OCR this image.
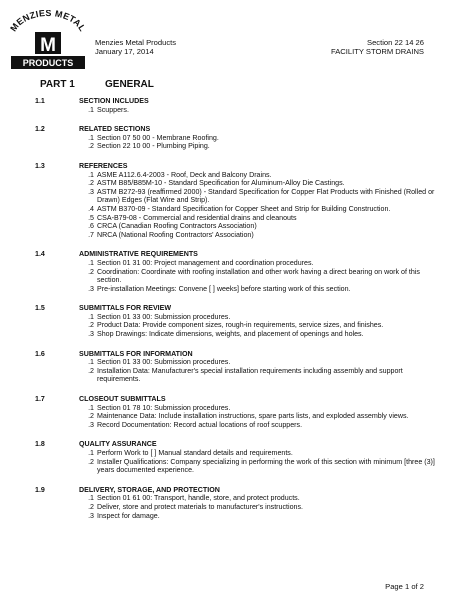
MENZIES METAL
M
PRODUCTS
Menzies Metal Products
January 17, 2014
Section 22 14 26
FACILITY STORM DRAINS
PART 1	GENERAL
1.1	SECTION INCLUDES
.1 Scuppers.
1.2	RELATED SECTIONS
.1 Section 07 50 00 - Membrane Roofing.
.2 Section 22 10 00 - Plumbing Piping.
1.3	REFERENCES
.1 ASME A112.6.4-2003 - Roof, Deck and Balcony Drains.
.2 ASTM B85/B85M-10 - Standard Specification for Aluminum-Alloy Die Castings.
.3 ASTM B272-93 (reaffirmed 2000) - Standard Specification for Copper Flat Products with Finished (Rolled or Drawn) Edges (Flat Wire and Strip).
.4 ASTM B370-09 - Standard Specification for Copper Sheet and Strip for Building Construction.
.5 CSA-B79-08 - Commercial and residential drains and cleanouts
.6 CRCA (Canadian Roofing Contractors Association)
.7 NRCA (National Roofing Contractors' Association)
1.4	ADMINISTRATIVE REQUIREMENTS
.1 Section 01 31 00: Project management and coordination procedures.
.2 Coordination: Coordinate with roofing installation and other work having a direct bearing on work of this section.
.3 Pre-installation Meetings: Convene [ ] weeks] before starting work of this section.
1.5	SUBMITTALS FOR REVIEW
.1 Section 01 33 00: Submission procedures.
.2 Product Data: Provide component sizes, rough-in requirements, service sizes, and finishes.
.3 Shop Drawings: Indicate dimensions, weights, and placement of openings and holes.
1.6	SUBMITTALS FOR INFORMATION
.1 Section 01 33 00: Submission procedures.
.2 Installation Data: Manufacturer's special installation requirements including assembly and support requirements.
1.7	CLOSEOUT SUBMITTALS
.1 Section 01 78 10: Submission procedures.
.2 Maintenance Data: Include installation instructions, spare parts lists, and exploded assembly views.
.3 Record Documentation: Record actual locations of roof scuppers.
1.8	QUALITY ASSURANCE
.1 Perform Work to [ ] Manual standard details and requirements.
.2 Installer Qualifications: Company specializing in performing the work of this section with minimum [three (3)] years documented experience.
1.9	DELIVERY, STORAGE, AND PROTECTION
.1 Section 01 61 00: Transport, handle, store, and protect products.
.2 Deliver, store and protect materials to manufacturer's instructions.
.3 Inspect for damage.
Page 1 of 2
